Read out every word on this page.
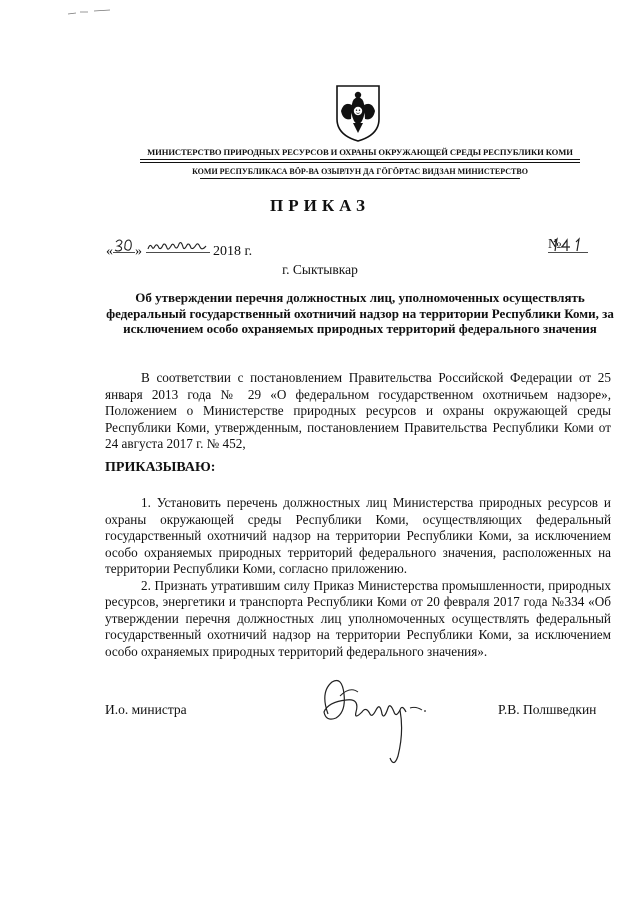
МИНИСТЕРСТВО ПРИРОДНЫХ РЕСУРСОВ И ОХРАНЫ ОКРУЖАЮЩЕЙ СРЕДЫ РЕСПУБЛИКИ КОМИ
КОМИ РЕСПУБЛИКАСА ВӦР-ВА ОЗЫРЛУН ДА ГӦГӦРТАС ВИДЗАН МИНИСТЕРСТВО
ПРИКАЗ
« »	2018 г.	№
г. Сыктывкар
Об утверждении перечня должностных лиц, уполномоченных осуществлять федеральный государственный охотничий надзор на территории Республики Коми, за исключением особо охраняемых природных территорий федерального значения

В соответствии с постановлением Правительства Российской Федерации от 25 января 2013 года № 29 «О федеральном государственном охотничьем надзоре», Положением о Министерстве природных ресурсов и охраны окружающей среды Республики Коми, утвержденным, постановлением Правительства Республики Коми от 24 августа 2017 г. № 452,

ПРИКАЗЫВАЮ:

1. Установить перечень должностных лиц Министерства природных ресурсов и охраны окружающей среды Республики Коми, осуществляющих федеральный государственный охотничий надзор на территории Республики Коми, за исключением особо охраняемых природных территорий федерального значения, расположенных на территории Республики Коми, согласно приложению.

2. Признать утратившим силу Приказ Министерства промышленности, природных ресурсов, энергетики и транспорта Республики Коми от 20 февраля 2017 года №334 «Об утверждении перечня должностных лиц уполномоченных осуществлять федеральный государственный охотничий надзор на территории Республики Коми, за исключением особо охраняемых природных территорий федерального значения».

И.о. министра	Р.В. Полшведкин
